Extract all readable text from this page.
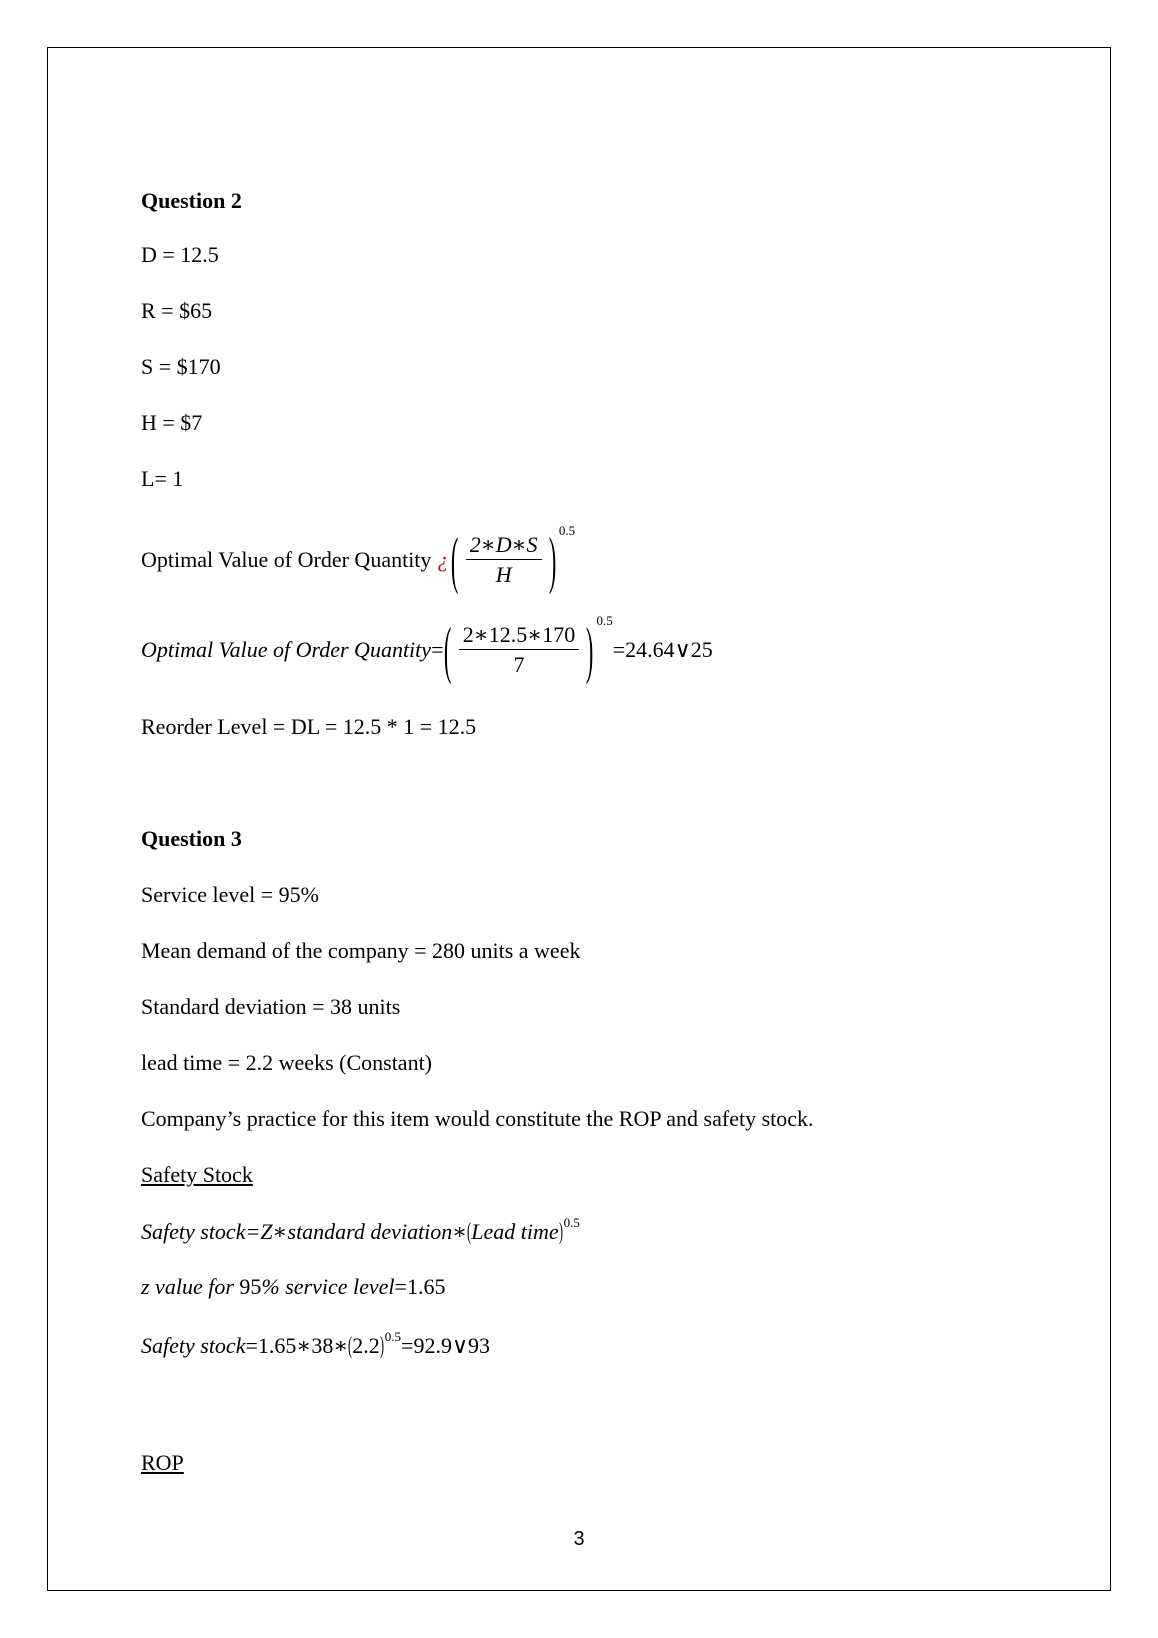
Question 2
D = 12.5
R = $65
S = $170
H = $7
L= 1
Optimal Value of Order Quantity ¿ ( $\frac{2∗D∗S}{H}$ ) 0.5
Optimal Value of Order Quantity = ( $\frac{2∗12.5∗170}{7}$ ) 0.5
=24.64∨25
Reorder Level = DL = 12.5 * 1 = 12.5
Question 3
Service level = 95%
Mean demand of the company = 280 units a week
Standard deviation = 38 units
lead time = 2.2 weeks (Constant)
Company’s practice for this item would constitute the ROP and safety stock.
Safety Stock
Safety stock=Z∗standard deviation∗(Lead time)$^{0.5}$
z value for 95% service level=1.65
Safety $stock=1.65∗38∗(2.2)^{0.5}=92.9\vee 93$
ROP
3
